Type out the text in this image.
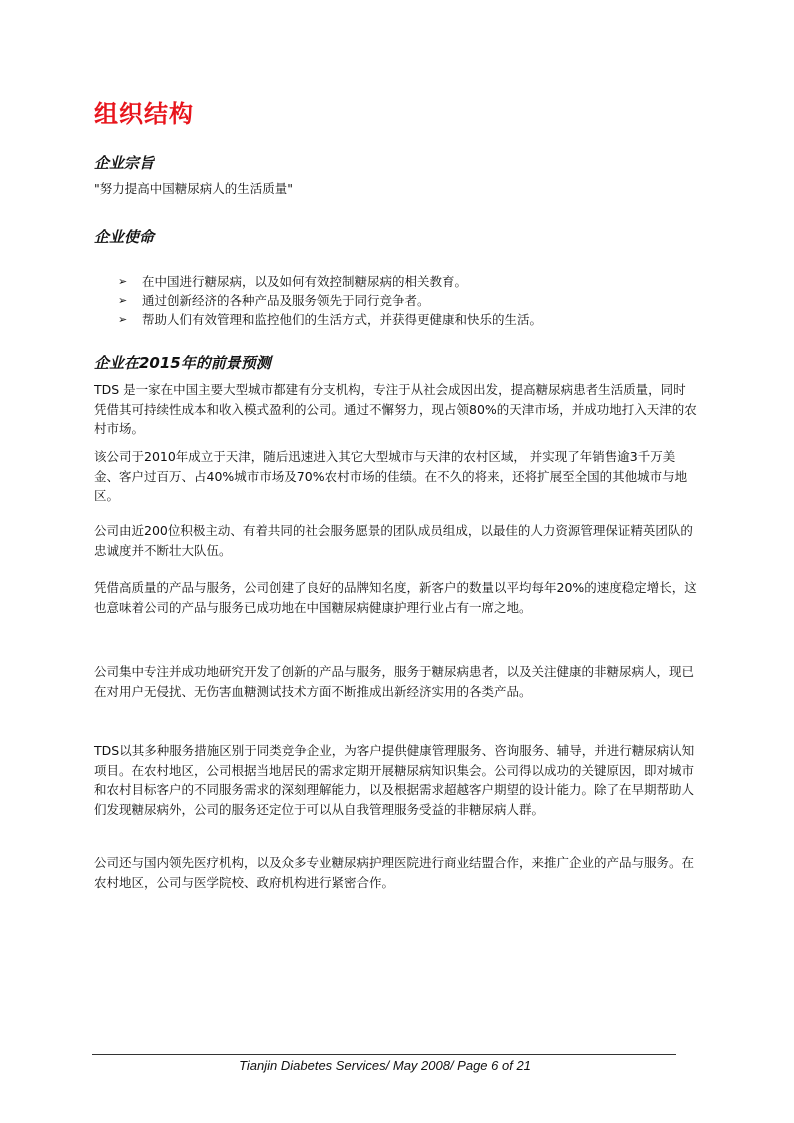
组织结构
企业宗旨

"努力提高中国糖尿病人的生活质量"

企业使命
➢	在中国进行糖尿病，以及如何有效控制糖尿病的相关教育。
➢	通过创新经济的各种产品及服务领先于同行竞争者。
➢	帮助人们有效管理和监控他们的生活方式，并获得更健康和快乐的生活。
企业在2015年的前景预测

TDS 是一家在中国主要大型城市都建有分支机构，专注于从社会成因出发，提高糖尿病患者生活质量，同时凭借其可持续性成本和收入模式盈利的公司。通过不懈努力，现占领80%的天津市场，并成功地打入天津的农村市场。

该公司于2010年成立于天津，随后迅速进入其它大型城市与天津的农村区域， 并实现了年销售逾3千万美金、客户过百万、占40%城市市场及70%农村市场的佳绩。在不久的将来，还将扩展至全国的其他城市与地区。

公司由近200位积极主动、有着共同的社会服务愿景的团队成员组成，以最佳的人力资源管理保证精英团队的忠诚度并不断壮大队伍。

凭借高质量的产品与服务，公司创建了良好的品牌知名度，新客户的数量以平均每年20%的速度稳定增长，这也意味着公司的产品与服务已成功地在中国糖尿病健康护理行业占有一席之地。

公司集中专注并成功地研究开发了创新的产品与服务，服务于糖尿病患者，以及关注健康的非糖尿病人，现已在对用户无侵扰、无伤害血糖测试技术方面不断推成出新经济实用的各类产品。

TDS以其多种服务措施区别于同类竞争企业，为客户提供健康管理服务、咨询服务、辅导，并进行糖尿病认知项目。在农村地区，公司根据当地居民的需求定期开展糖尿病知识集会。公司得以成功的关键原因，即对城市和农村目标客户的不同服务需求的深刻理解能力，以及根据需求超越客户期望的设计能力。除了在早期帮助人们发现糖尿病外，公司的服务还定位于可以从自我管理服务受益的非糖尿病人群。

公司还与国内领先医疗机构，以及众多专业糖尿病护理医院进行商业结盟合作，来推广企业的产品与服务。在农村地区，公司与医学院校、政府机构进行紧密合作。

Tianjin Diabetes Services/ May 2008/ Page 6 of 21
